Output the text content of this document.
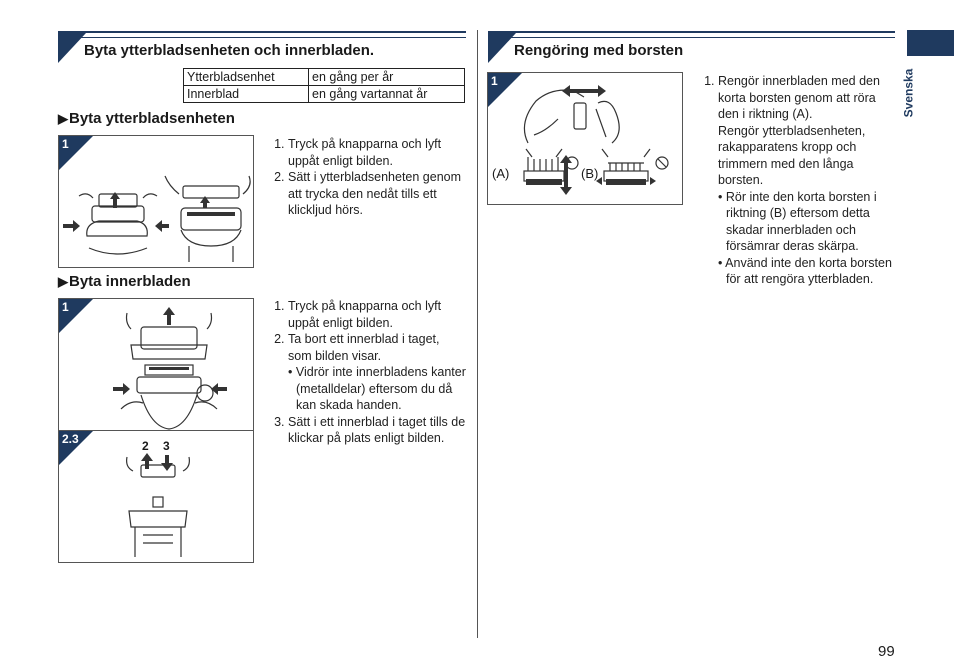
Byta ytterbladsenheten och innerbladen.
Ytterbladsenhet	en gång per år
Innerblad	en gång vartannat år
▶Byta ytterbladsenheten
1	1. Tryck på knapparna och lyft uppåt enligt bilden.
2. Sätt i ytterbladsenheten genom att trycka den nedåt tills ett klickljud hörs.
▶Byta innerbladen
1
2.3	2 3
1. Tryck på knapparna och lyft uppåt enligt bilden.
2. Ta bort ett innerblad i taget, som bilden visar.
• Vidrör inte innerbladens kanter (metalldelar) eftersom du då kan skada handen.
3. Sätt i ett innerblad i taget tills de klickar på plats enligt bilden.
Rengöring med borsten
1
(A)	(B)
1. Rengör innerbladen med den korta borsten genom att röra den i riktning (A).
Rengör ytterbladsenheten, rakapparatens kropp och trimmern med den långa borsten.
• Rör inte den korta borsten i riktning (B) eftersom detta skadar innerbladen och försämrar deras skärpa.
• Använd inte den korta borsten för att rengöra ytterbladen.
Svenska
99
